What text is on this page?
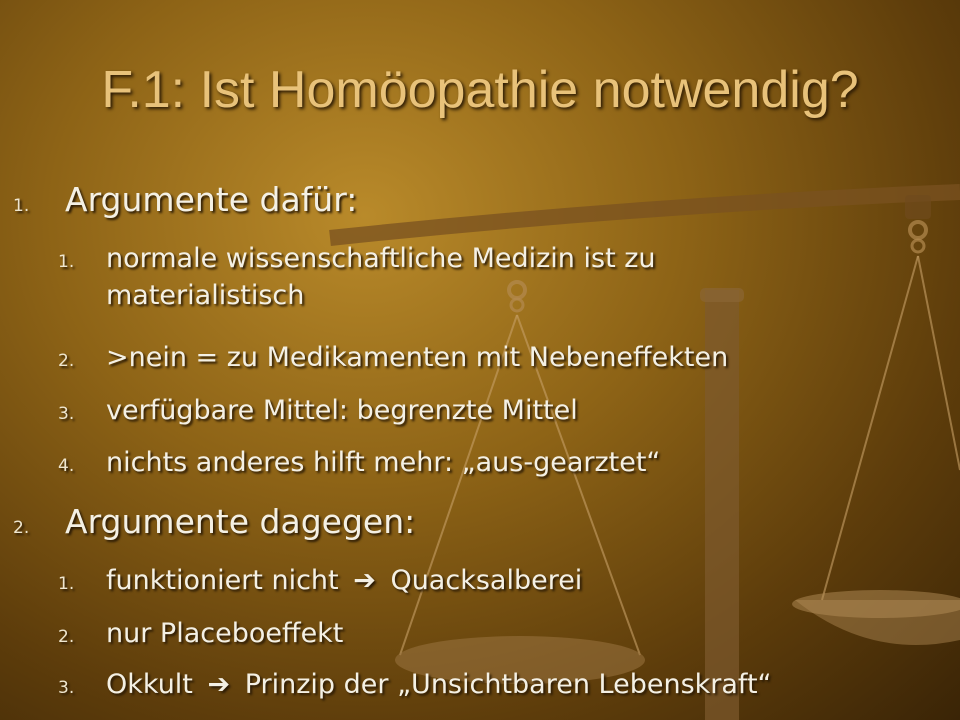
F.1: Ist Homöopathie notwendig?
1.	Argumente dafür:
1.	normale wissenschaftliche Medizin ist zu materialistisch
2.	>nein = zu Medikamenten mit Nebeneffekten
3.	verfügbare Mittel: begrenzte Mittel
4.	nichts anderes hilft mehr: „aus-gearztet“
2.	Argumente dagegen:
1.	funktioniert nicht ➔ Quacksalberei
2.	nur Placeboeffekt
3.	Okkult ➔ Prinzip der „Unsichtbaren Lebenskraft“
